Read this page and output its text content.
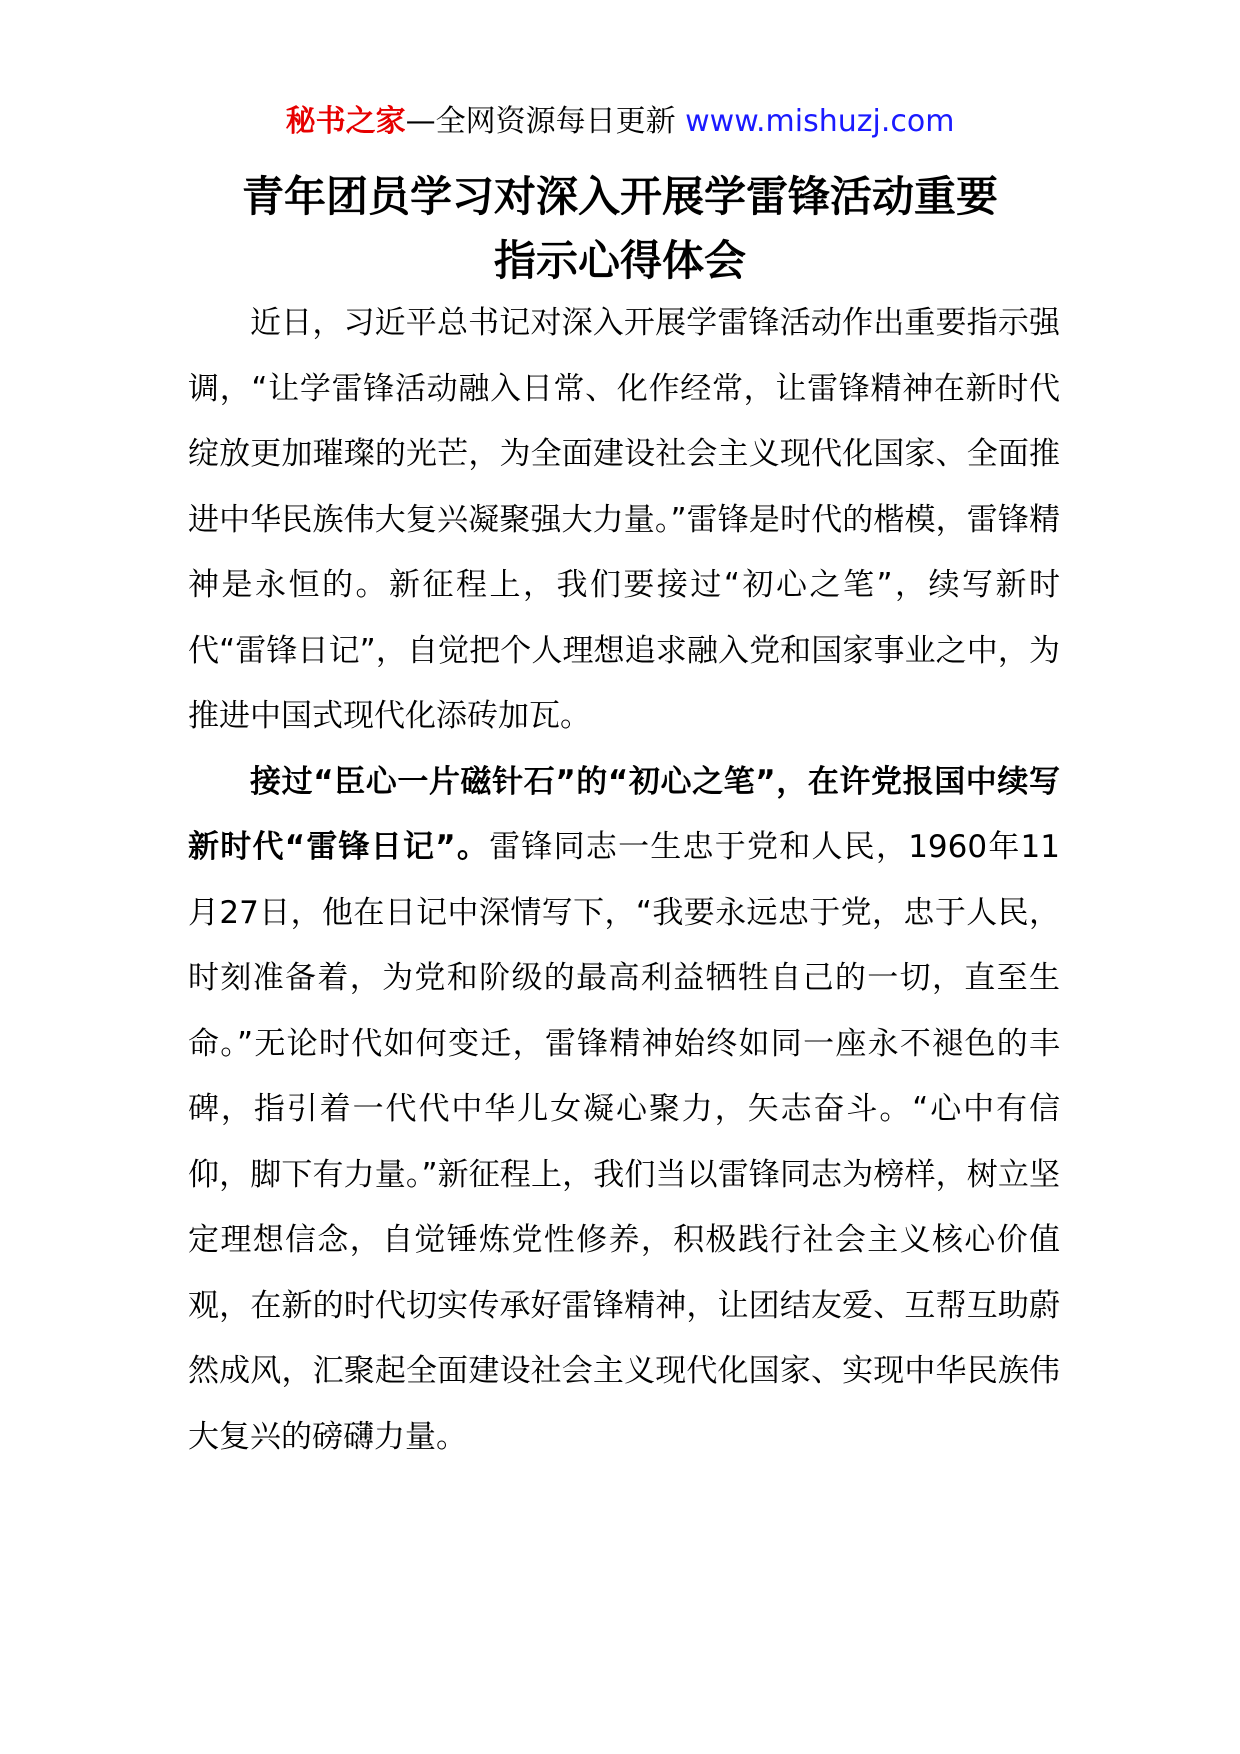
秘书之家—全网资源每日更新 www.mishuzj.com
青年团员学习对深入开展学雷锋活动重要
指示心得体会

近日，习近平总书记对深入开展学雷锋活动作出重要指示强调，“让学雷锋活动融入日常、化作经常，让雷锋精神在新时代绽放更加璀璨的光芒，为全面建设社会主义现代化国家、全面推进中华民族伟大复兴凝聚强大力量。”雷锋是时代的楷模，雷锋精神是永恒的。新征程上，我们要接过“初心之笔”，续写新时代“雷锋日记”，自觉把个人理想追求融入党和国家事业之中，为推进中国式现代化添砖加瓦。

接过“臣心一片磁针石”的“初心之笔”，在许党报国中续写新时代“雷锋日记”。雷锋同志一生忠于党和人民，1960年11月27日，他在日记中深情写下，“我要永远忠于党，忠于人民，时刻准备着，为党和阶级的最高利益牺牲自己的一切，直至生命。”无论时代如何变迁，雷锋精神始终如同一座永不褪色的丰碑，指引着一代代中华儿女凝心聚力，矢志奋斗。“心中有信仰，脚下有力量。”新征程上，我们当以雷锋同志为榜样，树立坚定理想信念，自觉锤炼党性修养，积极践行社会主义核心价值观，在新的时代切实传承好雷锋精神，让团结友爱、互帮互助蔚然成风，汇聚起全面建设社会主义现代化国家、实现中华民族伟大复兴的磅礴力量。
